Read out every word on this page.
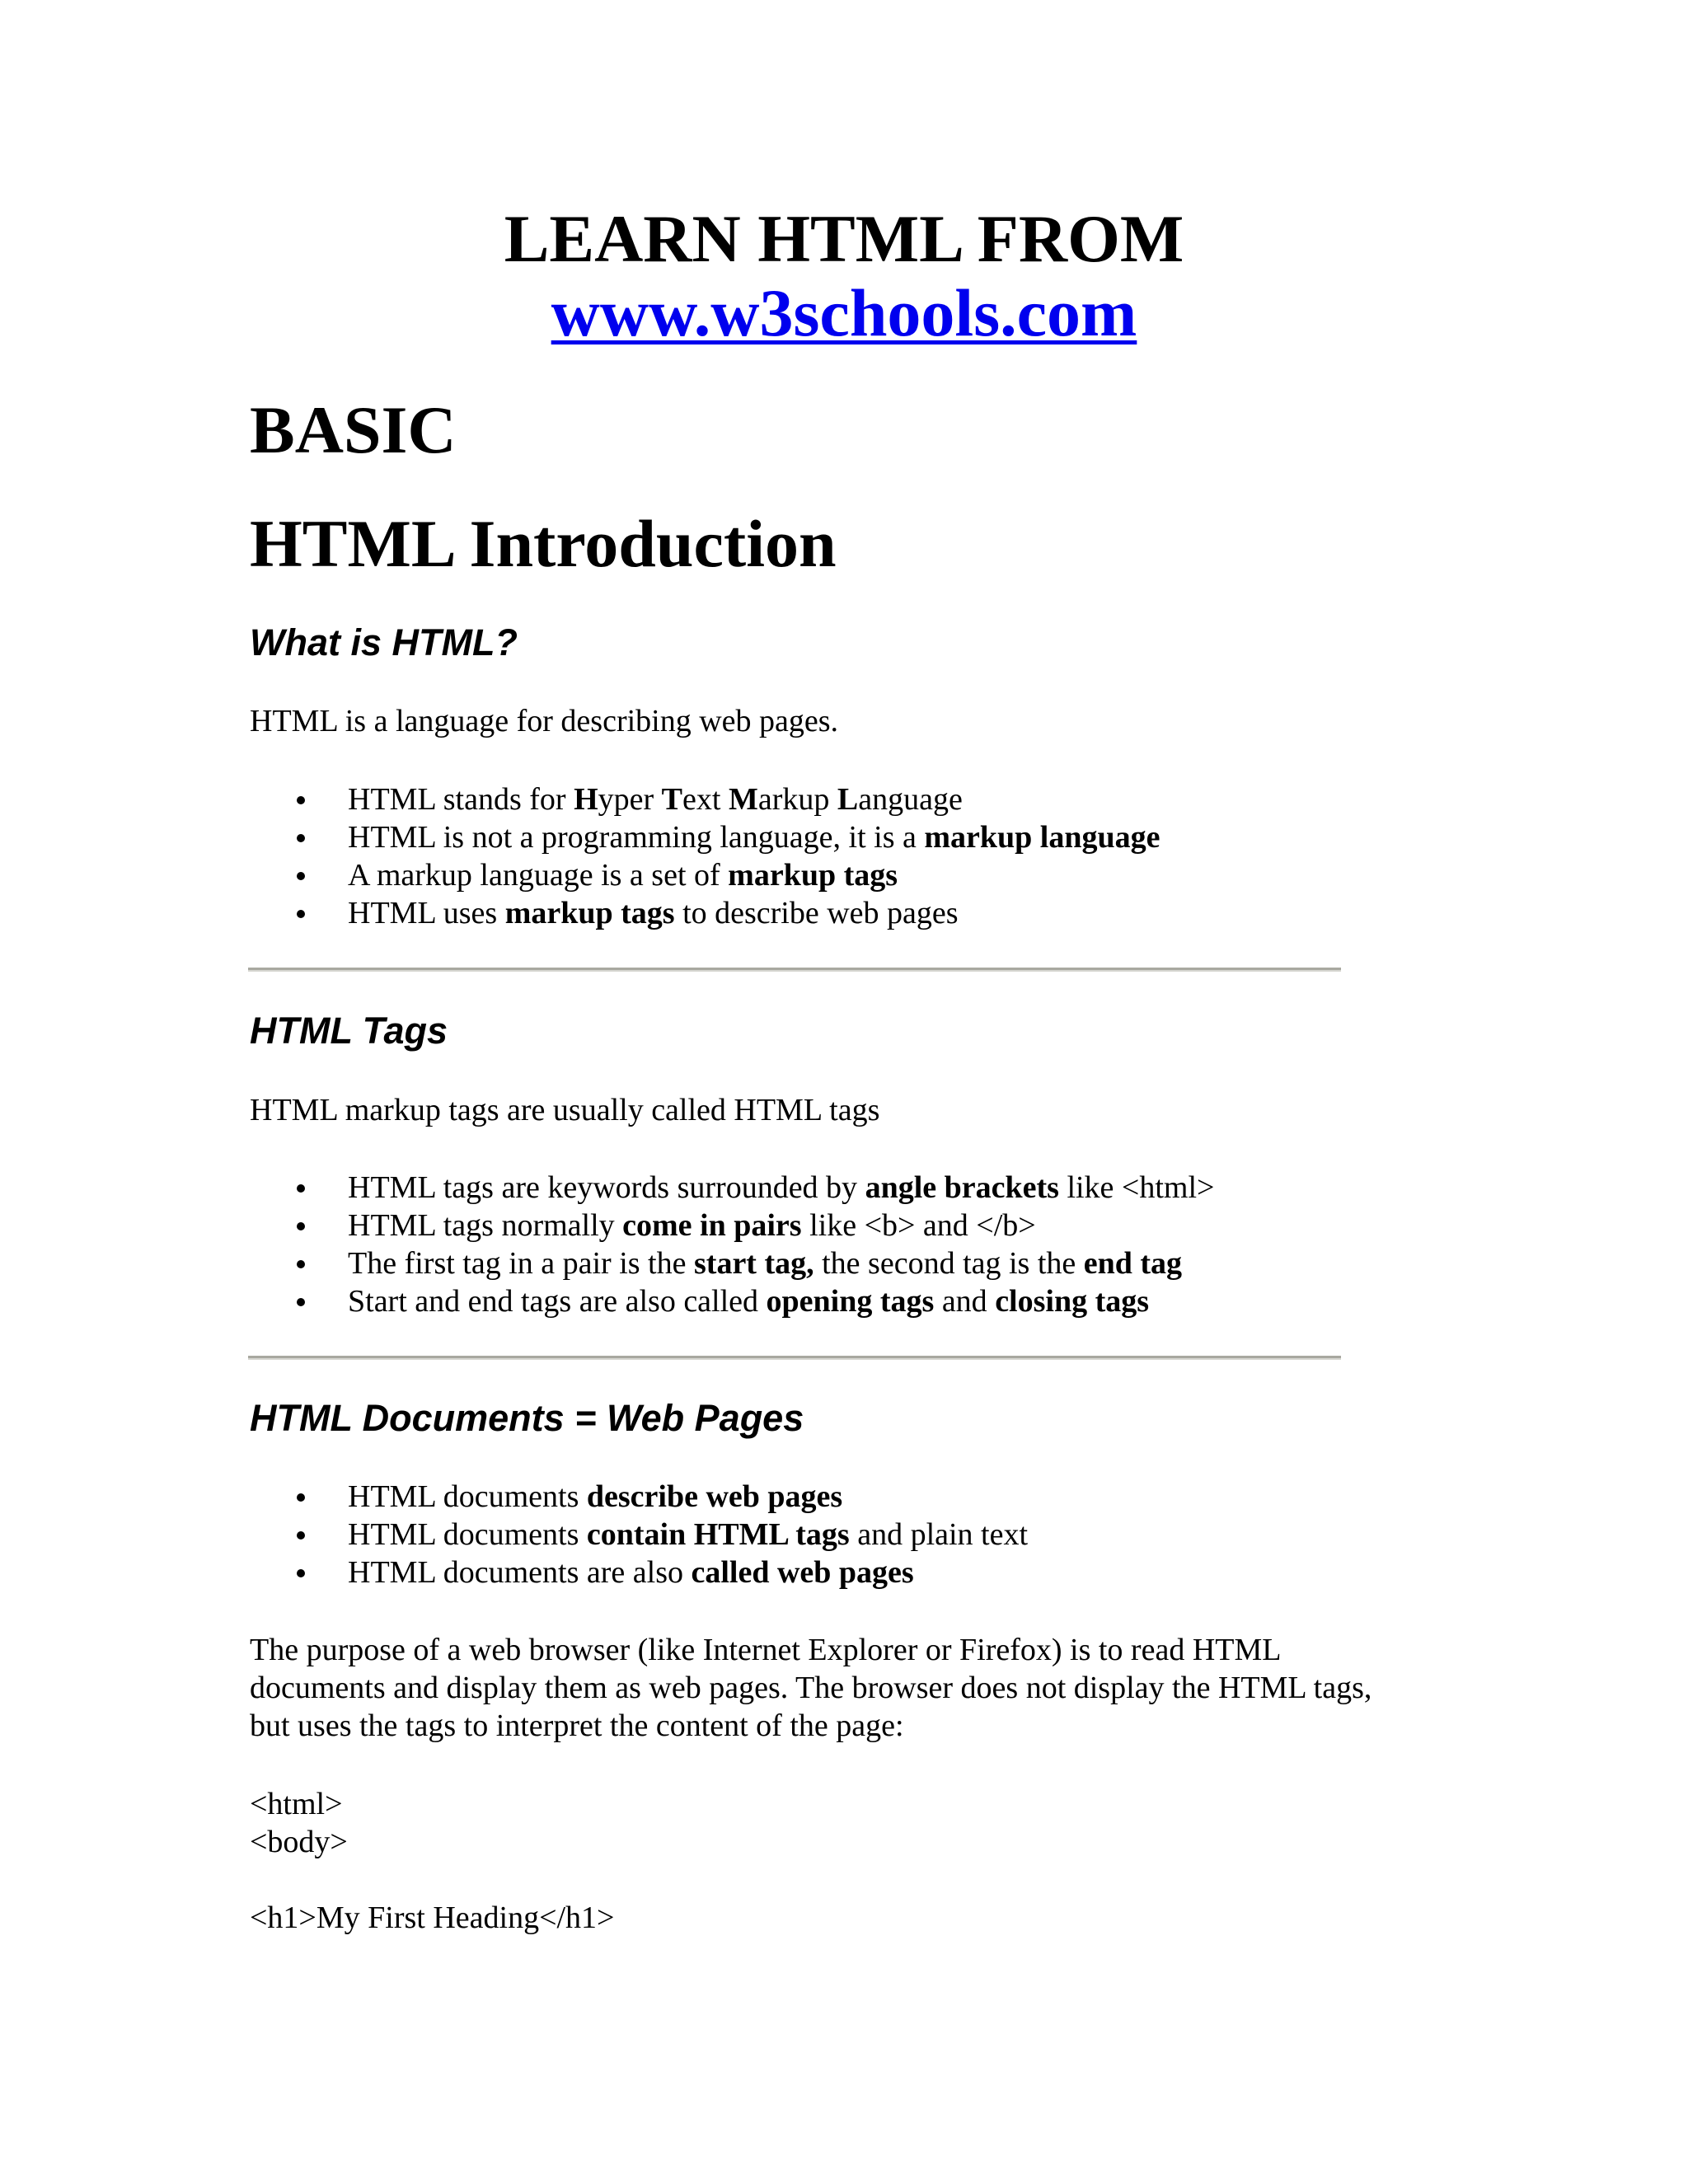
LEARN HTML FROM
www.w3schools.com
BASIC
HTML Introduction
What is HTML?

HTML is a language for describing web pages.

HTML stands for Hyper Text Markup Language
HTML is not a programming language, it is a markup language
A markup language is a set of markup tags
HTML uses markup tags to describe web pages
HTML Tags

HTML markup tags are usually called HTML tags

HTML tags are keywords surrounded by angle brackets like <html>
HTML tags normally come in pairs like <b> and </b>
The first tag in a pair is the start tag, the second tag is the end tag
Start and end tags are also called opening tags and closing tags
HTML Documents = Web Pages
HTML documents describe web pages
HTML documents contain HTML tags and plain text
HTML documents are also called web pages
The purpose of a web browser (like Internet Explorer or Firefox) is to read HTML
documents and display them as web pages. The browser does not display the HTML tags,
but uses the tags to interpret the content of the page:

<html>

<body>

<h1>My First Heading</h1>
